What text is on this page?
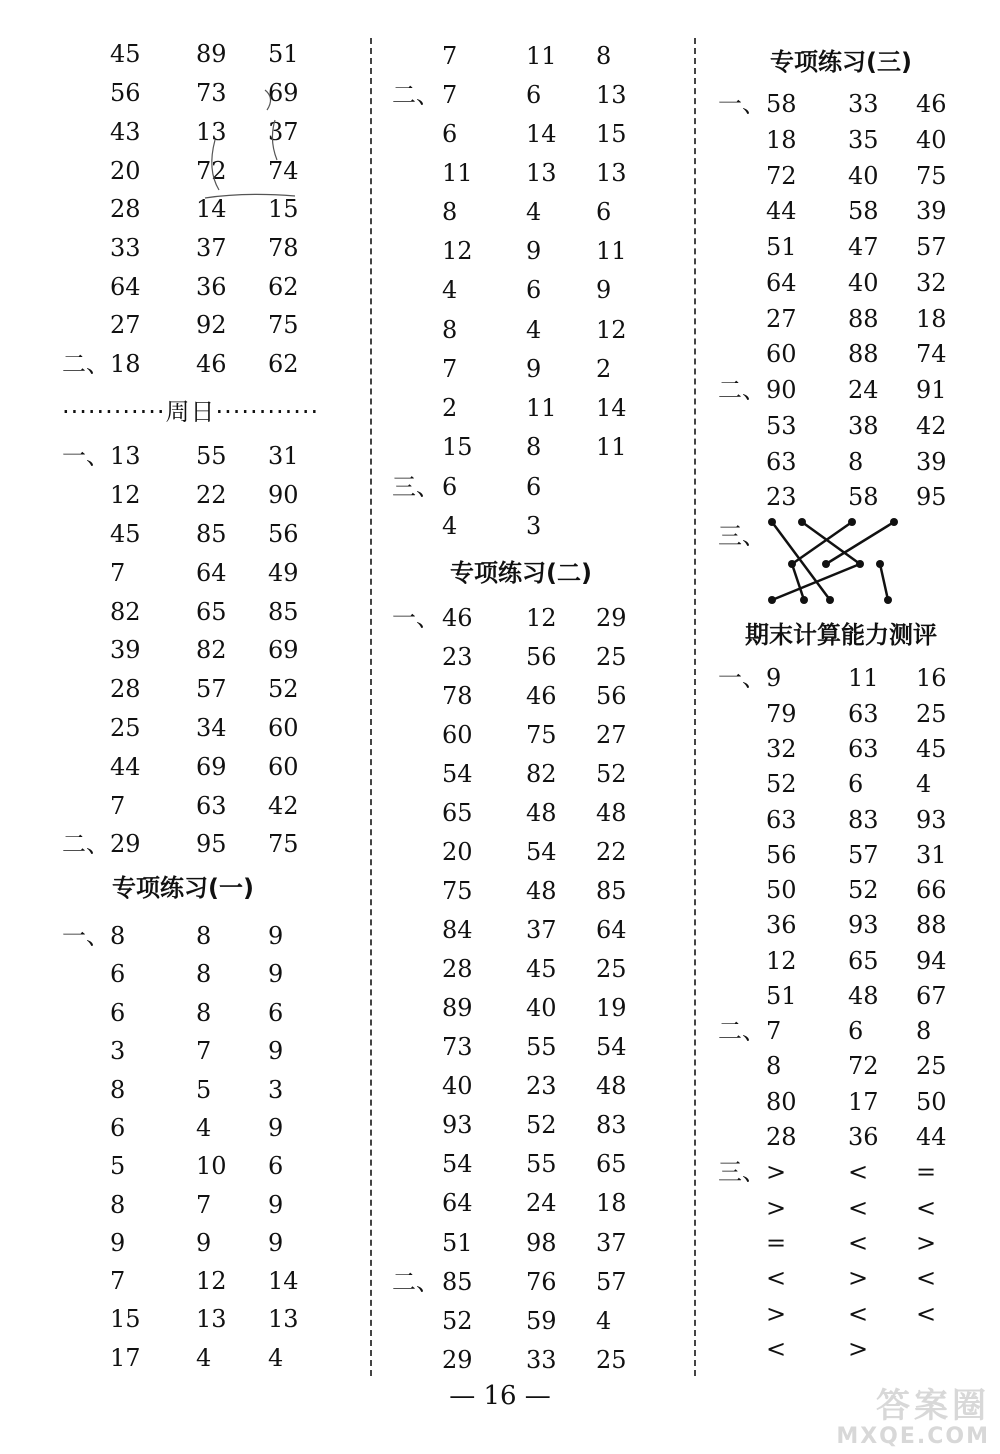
45 89 51
56 73 69
43 13 37
20 72 74
28 14 15
33 37 78
64 36 62
27 92 75
二、 18 46 62
一、 13 55 31
12 22 90
45 85 56
7	64 49
82 65 85
39 82 69
28 57 52
25 34 60
44 69 60
7	63 42
二、 29 95 75
一、 8	8 9
6	8 9
6	8 6
3	7 9
8	5 3
6	4 9
5	10 6
8	7 9
9	9 9
7	12 14
15 13 13
17 4 4
7	11 8
二、 7	6 13
6	14 15
11 13 13
8	4 6
12 9 11
4	6 9
8	4 12
7	9 2
2	11 14
15 8 11
三、 6	6
4	3
一、 46 12 29
23 56 25
78 46 56
60 75 27
54 82 52
65 48 48
20 54 22
75 48 85
84 37 64
28 45 25
89 40 19
73 55 54
40 23 48
93 52 83
54 55 65
64 24 18
51 98 37
二、 85 76 57
52 59 4
29 33 25
一、 58 33 46
18 35 40
72 40 75
44 58 39
51 47 57
64 40 32
27 88 18
60 88 74
二、 90 24 91
53 38 42
63 8 39
23 58 95
一、 9	11 16
79 63 25
32 63 45
52 6 4
63 83 93
56 57 31
50 52 66
36 93 88
12 65 94
51 48 67
二、 7	6 8
8	72 25
80 17 50
28 36 44
三、 >	< =
>	< <
=	< >
<	> <
>	< <
<	>
············周日············
专项练习(一)
专项练习(二)
专项练习(三)
期末计算能力测评
三、
— 16 —	答案圈
MXQE.COM
